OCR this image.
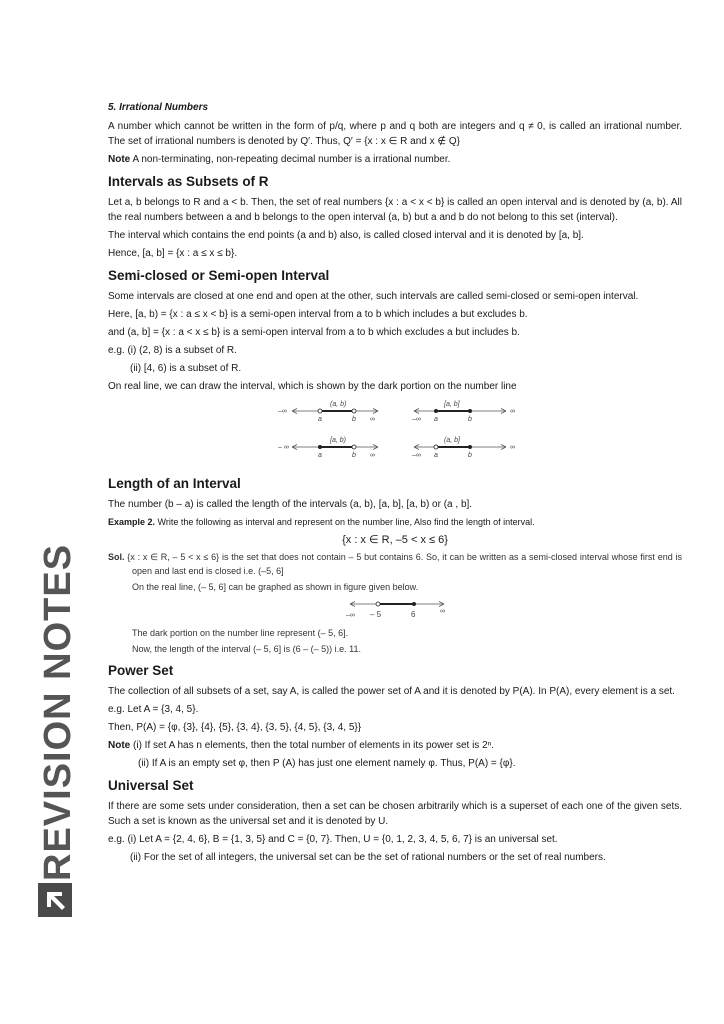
5. Irrational Numbers

A number which cannot be written in the form of p/q, where p and q both are integers and q ≠ 0, is called an irrational number. The set of irrational numbers is denoted by Q′. Thus, Q′ = {x : x ∈ R and x ∉ Q}

Note A non-terminating, non-repeating decimal number is a irrational number.

Intervals as Subsets of R

Let a, b belongs to R and a < b. Then, the set of real numbers {x : a < x < b} is called an open interval and is denoted by (a, b). All the real numbers between a and b belongs to the open interval (a, b) but a and b do not belong to this set (interval).

The interval which contains the end points (a and b) also, is called closed interval and it is denoted by [a, b].

Hence, [a, b] = {x : a ≤ x ≤ b}.

Semi-closed or Semi-open Interval

Some intervals are closed at one end and open at the other, such intervals are called semi-closed or semi-open interval.

Here, [a, b) = {x : a ≤ x < b} is a semi-open interval from a to b which includes a but excludes b.

and (a, b] = {x : a < x ≤ b} is a semi-open interval from a to b which excludes a but includes b.

e.g. (i) (2, 8) is a subset of R.

(ii) [4, 6) is a subset of R.

On real line, we can draw the interval, which is shown by the dark portion on the number line

(a, b)
–∞
a	b ∞
[a, b]
∞
–∞ a	b
[a, b)
– ∞
a	b ∞
(a, b]
∞
–∞ a	b
Length of an Interval

The number (b – a) is called the length of the intervals (a, b), [a, b], [a, b) or (a , b].

Example 2. Write the following as interval and represent on the number line, Also find the length of interval.

{x : x ∈ R, –5 < x ≤ 6}

Sol. {x : x ∈ R, – 5 < x ≤ 6} is the set that does not contain – 5 but contains 6. So, it can be written as a semi-closed interval whose first end is open and last end is closed i.e. (–5, 6]

On the real line, (– 5, 6] can be graphed as shown in figure given below.

∞
–∞ – 5	6

The dark portion on the number line represent (– 5, 6].

Now, the length of the interval (– 5, 6] is (6 – (– 5)) i.e. 11.

Power Set

The collection of all subsets of a set, say A, is called the power set of A and it is denoted by P(A). In P(A), every element is a set.

e.g. Let A = {3, 4, 5}.

Then, P(A) = {φ, {3}, {4}, {5}, {3, 4}, {3, 5}, {4, 5}, {3, 4, 5}}

Note (i) If set A has n elements, then the total number of elements in its power set is 2ⁿ.

(ii) If A is an empty set φ, then P (A) has just one element namely φ. Thus, P(A) = {φ}.

Universal Set

If there are some sets under consideration, then a set can be chosen arbitrarily which is a superset of each one of the given sets. Such a set is known as the universal set and it is denoted by U.

e.g. (i) Let A = {2, 4, 6}, B = {1, 3, 5} and C = {0, 7}. Then, U = {0, 1, 2, 3, 4, 5, 6, 7} is an universal set.

(ii) For the set of all integers, the universal set can be the set of rational numbers or the set of real numbers.

REVISION NOTES
